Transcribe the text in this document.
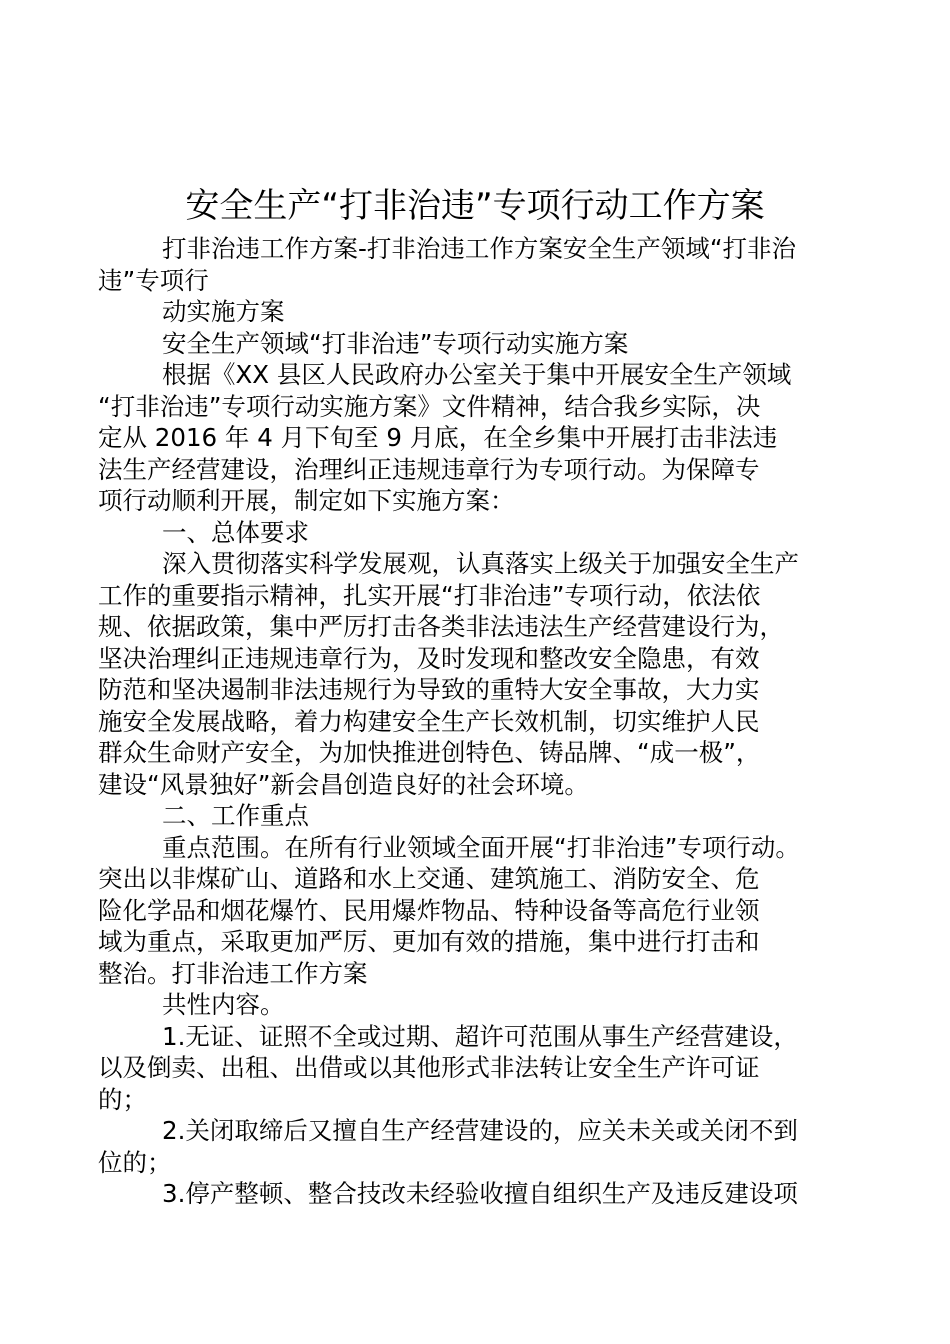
安全生产“打非治违”专项行动工作方案

打非治违工作方案-打非治违工作方案安全生产领域“打非治
违”专项行

动实施方案

安全生产领域“打非治违”专项行动实施方案

根据《XX 县区人民政府办公室关于集中开展安全生产领域
“打非治违”专项行动实施方案》文件精神，结合我乡实际，决
定从 2016 年 4 月下旬至 9 月底，在全乡集中开展打击非法违
法生产经营建设，治理纠正违规违章行为专项行动。为保障专
项行动顺利开展，制定如下实施方案：

一、总体要求

深入贯彻落实科学发展观，认真落实上级关于加强安全生产
工作的重要指示精神，扎实开展“打非治违”专项行动，依法依
规、依据政策，集中严厉打击各类非法违法生产经营建设行为，
坚决治理纠正违规违章行为，及时发现和整改安全隐患，有效
防范和坚决遏制非法违规行为导致的重特大安全事故，大力实
施安全发展战略，着力构建安全生产长效机制，切实维护人民
群众生命财产安全，为加快推进创特色、铸品牌、“成一极”，
建设“风景独好”新会昌创造良好的社会环境。

二、工作重点

重点范围。在所有行业领域全面开展“打非治违”专项行动。
突出以非煤矿山、道路和水上交通、建筑施工、消防安全、危
险化学品和烟花爆竹、民用爆炸物品、特种设备等高危行业领
域为重点，采取更加严厉、更加有效的措施，集中进行打击和
整治。打非治违工作方案

共性内容。

1.无证、证照不全或过期、超许可范围从事生产经营建设，
以及倒卖、出租、出借或以其他形式非法转让安全生产许可证
的；

2.关闭取缔后又擅自生产经营建设的，应关未关或关闭不到
位的；

3.停产整顿、整合技改未经验收擅自组织生产及违反建设项
